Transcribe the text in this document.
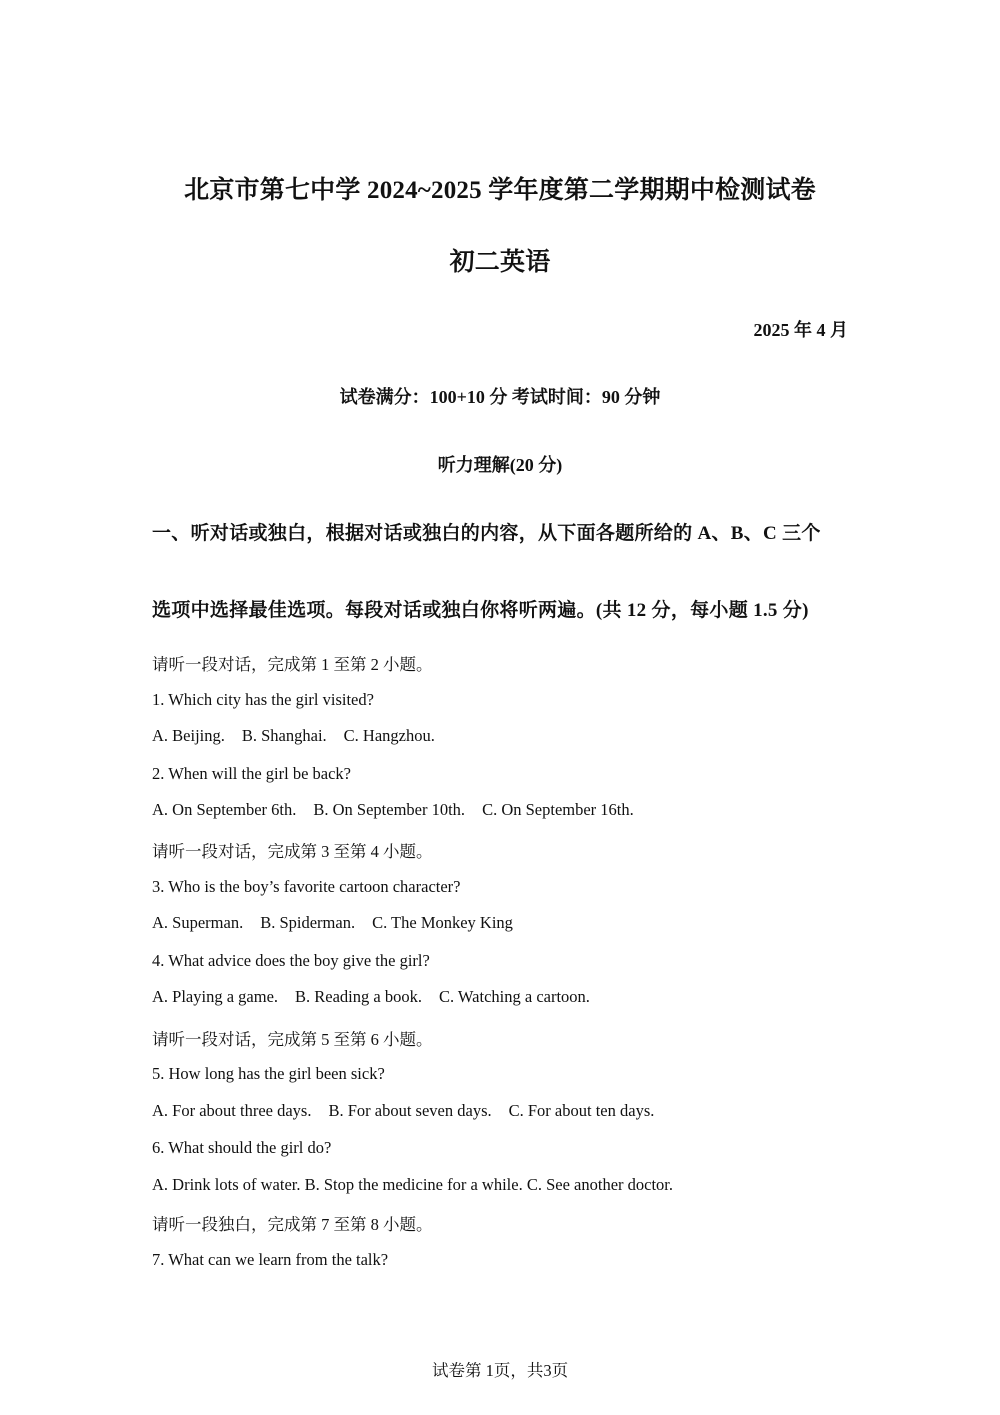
北京市第七中学 2024~2025 学年度第二学期期中检测试卷
初二英语
2025 年 4 月
试卷满分：100+10 分 考试时间：90 分钟
听力理解(20 分)
一、听对话或独白，根据对话或独白的内容，从下面各题所给的 A、B、C 三个
选项中选择最佳选项。每段对话或独白你将听两遍。(共 12 分，每小题 1.5 分)
请听一段对话，完成第 1 至第 2 小题。
1. Which city has the girl visited?
A. Beijing. B. Shanghai. C. Hangzhou.
2. When will the girl be back?
A. On September 6th. B. On September 10th. C. On September 16th.
请听一段对话，完成第 3 至第 4 小题。
3. Who is the boy’s favorite cartoon character?
A. Superman. B. Spiderman. C. The Monkey King
4. What advice does the boy give the girl?
A. Playing a game. B. Reading a book. C. Watching a cartoon.
请听一段对话，完成第 5 至第 6 小题。
5. How long has the girl been sick?
A. For about three days. B. For about seven days. C. For about ten days.
6. What should the girl do?
A. Drink lots of water. B. Stop the medicine for a while. C. See another doctor.
请听一段独白，完成第 7 至第 8 小题。
7. What can we learn from the talk?
试卷第 1页，共3页
